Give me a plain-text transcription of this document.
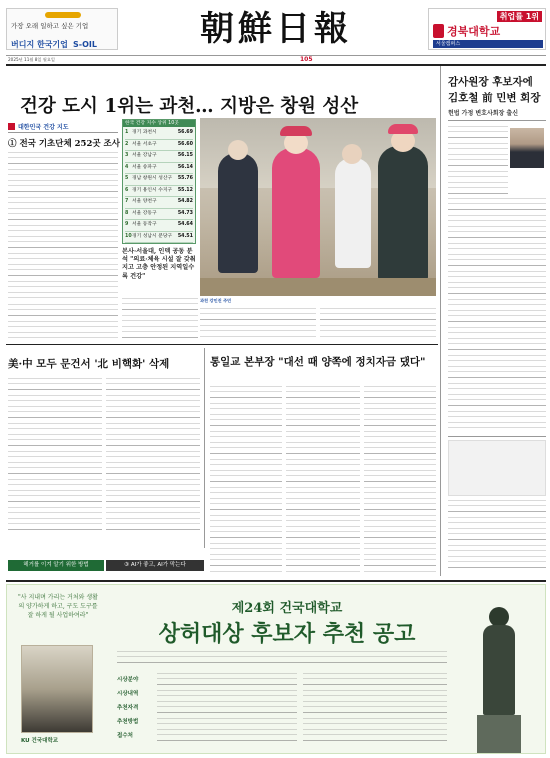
가장 오래 일하고 싶은 기업
버디지 한국기업 S-OIL	朝鮮日報	취업률 1위
경북대학교
서울캠퍼스
2025년 11월 8일 월요일	105
건강 도시 1위는 과천… 지방은 창원 성산
대한민국 건강 지도
① 전국 기초단체 252곳 조사
한국 건강 지수 상위 10곳
1 경기 과천시	56.69
2 서울 서초구	56.60
3 서울 강남구	56.15
4 서울 송파구	56.14
5 경남 창원시 성산구	55.76
6 경기 용인시 수지구	55.12
7 서울 양천구	54.82
8 서울 강동구	54.73
9 서울 동작구	54.64
10 경기 성남시 분당구	54.51
과천 강인진 주민
본사·서울대, 인덱 공동 분석 "의료·체육 시설 잘 갖춰지고 고층 안정된 지역일수록 건강"
감사원장 후보자에
김호철 前 민변 회장
헌법 가정 변호사회장 출신
美·中 모두 문건서 '北 비핵화' 삭제	통일교 본부장 "대선 때 양쪽에 정치자금 댔다"
헤거를 이겨 알기 위한 방법	③ AI가 좋고, AI가 막는다
"사 지내며 가리는 거처와 생활의 양가하게 하고, 구도 도구를 잘 하게 될 사업하여라"
KU 건국대학교
제24회 건국대학교
상허대상 후보자 추천 공고
시상분야
시상내역
추천자격
추천방법
접수처
